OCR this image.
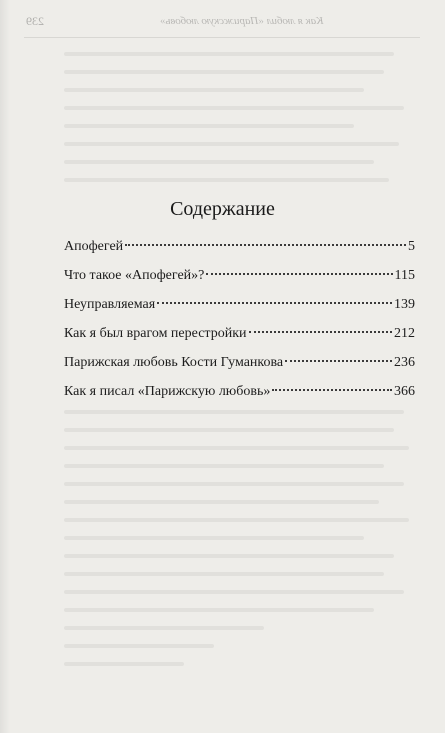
239	Как я любил «Парижскую любовь»
Содержание
Апофегей	5
Что такое «Апофегей»?	115
Неуправляемая	139
Как я был врагом перестройки	212
Парижская любовь Кости Гуманкова	236
Как я писал «Парижскую любовь»	366
